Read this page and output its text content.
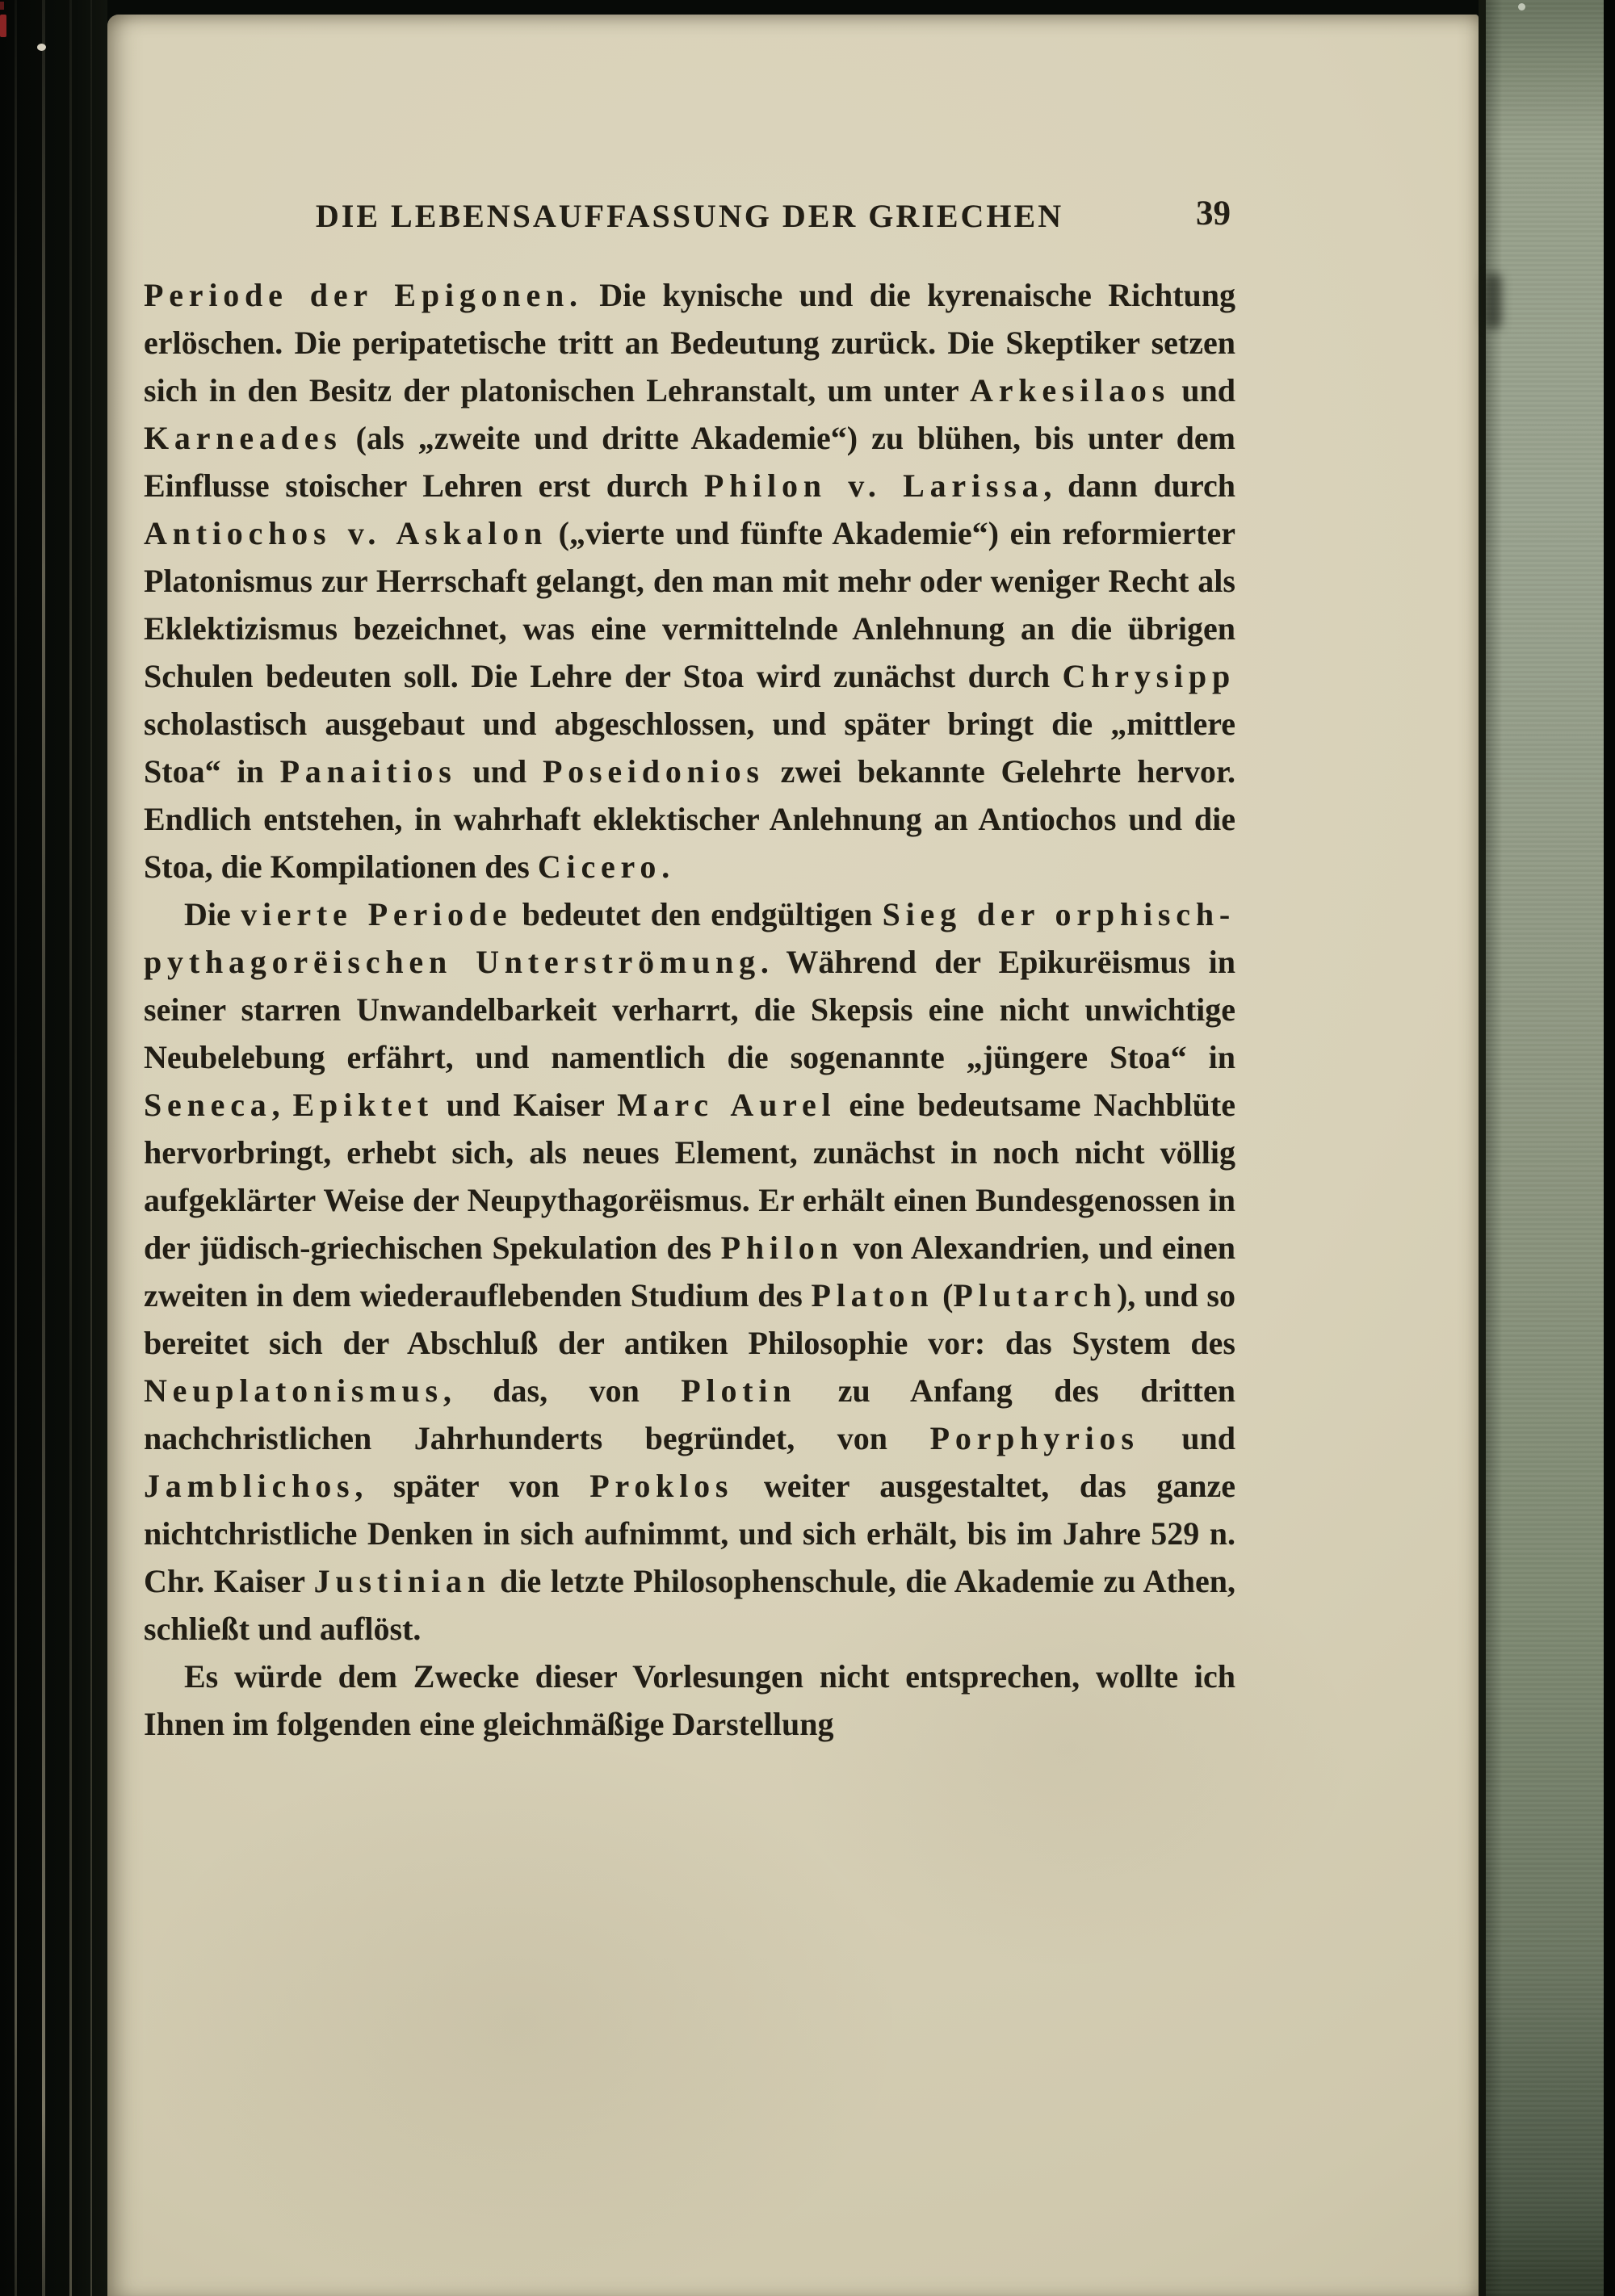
DIE LEBENSAUFFASSUNG DER GRIECHEN	39

Periode der Epigonen. Die kynische und die kyrenaische Richtung erlöschen. Die peripatetische tritt an Bedeutung zurück. Die Skeptiker setzen sich in den Besitz der platonischen Lehranstalt, um unter Arkesilaos und Karneades (als „zweite und dritte Akademie“) zu blühen, bis unter dem Einflusse stoischer Lehren erst durch Philon v. Larissa, dann durch Antiochos v. Askalon („vierte und fünfte Akademie“) ein reformierter Platonismus zur Herrschaft gelangt, den man mit mehr oder weniger Recht als Eklektizismus bezeichnet, was eine vermittelnde Anlehnung an die übrigen Schulen bedeuten soll. Die Lehre der Stoa wird zunächst durch Chrysipp scholastisch ausgebaut und abgeschlossen, und später bringt die „mittlere Stoa“ in Panaitios und Poseidonios zwei bekannte Gelehrte hervor. Endlich entstehen, in wahrhaft eklektischer Anlehnung an Antiochos und die Stoa, die Kompilationen des Cicero.

Die vierte Periode bedeutet den endgültigen Sieg der orphisch-pythagorëischen Unterströmung. Während der Epikurëismus in seiner starren Unwandelbarkeit verharrt, die Skepsis eine nicht unwichtige Neubelebung erfährt, und namentlich die sogenannte „jüngere Stoa“ in Seneca, Epiktet und Kaiser Marc Aurel eine bedeutsame Nachblüte hervorbringt, erhebt sich, als neues Element, zunächst in noch nicht völlig aufgeklärter Weise der Neupythagorëismus. Er erhält einen Bundesgenossen in der jüdisch-griechischen Spekulation des Philon von Alexandrien, und einen zweiten in dem wiederauflebenden Studium des Platon (Plutarch), und so bereitet sich der Abschluß der antiken Philosophie vor: das System des Neuplatonismus, das, von Plotin zu Anfang des dritten nachchristlichen Jahrhunderts begründet, von Porphyrios und Jamblichos, später von Proklos weiter ausgestaltet, das ganze nichtchristliche Denken in sich aufnimmt, und sich erhält, bis im Jahre 529 n. Chr. Kaiser Justinian die letzte Philosophenschule, die Akademie zu Athen, schließt und auflöst.

Es würde dem Zwecke dieser Vorlesungen nicht entsprechen, wollte ich Ihnen im folgenden eine gleichmäßige Darstellung
